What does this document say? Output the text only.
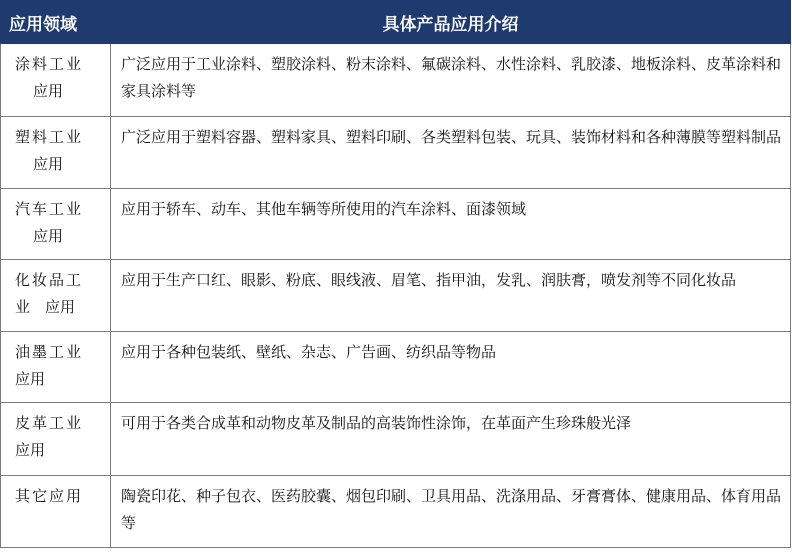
应用领域	具体产品应用介绍
涂料工业
应用	广泛应用于工业涂料、塑胶涂料、粉末涂料、氟碳涂料、水性涂料、乳胶漆、地板涂料、皮革涂料和家具涂料等
塑料工业
应用	广泛应用于塑料容器、塑料家具、塑料印刷、各类塑料包装、玩具、装饰材料和各种薄膜等塑料制品
汽车工业
应用	应用于轿车、动车、其他车辆等所使用的汽车涂料、面漆领域
化妆品工
业　应用	应用于生产口红、眼影、粉底、眼线液、眉笔、指甲油，发乳、润肤膏，喷发剂等不同化妆品
油墨工业
应用	应用于各种包装纸、壁纸、杂志、广告画、纺织品等物品
皮革工业
应用	可用于各类合成革和动物皮革及制品的高装饰性涂饰，在革面产生珍珠般光泽
其它应用	陶瓷印花、种子包衣、医药胶囊、烟包印刷、卫具用品、洗涤用品、牙膏膏体、健康用品、体育用品等
